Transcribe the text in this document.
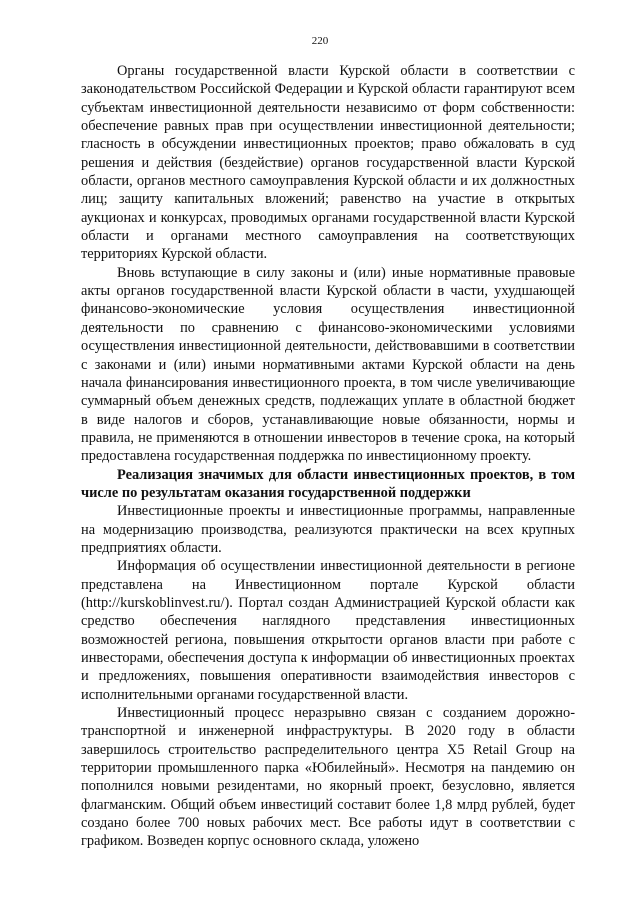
220

Органы государственной власти Курской области в соответствии с законодательством Российской Федерации и Курской области гарантируют всем субъектам инвестиционной деятельности независимо от форм собственности: обеспечение равных прав при осуществлении инвестиционной деятельности; гласность в обсуждении инвестиционных проектов; право обжаловать в суд решения и действия (бездействие) органов государственной власти Курской области, органов местного самоуправления Курской области и их должностных лиц; защиту капитальных вложений; равенство на участие в открытых аукционах и конкурсах, проводимых органами государственной власти Курской области и органами местного самоуправления на соответствующих территориях Курской области.

Вновь вступающие в силу законы и (или) иные нормативные правовые акты органов государственной власти Курской области в части, ухудшающей финансово-экономические условия осуществления инвестиционной деятельности по сравнению с финансово-экономическими условиями осуществления инвестиционной деятельности, действовавшими в соответствии с законами и (или) иными нормативными актами Курской области на день начала финансирования инвестиционного проекта, в том числе увеличивающие суммарный объем денежных средств, подлежащих уплате в областной бюджет в виде налогов и сборов, устанавливающие новые обязанности, нормы и правила, не применяются в отношении инвесторов в течение срока, на который предоставлена государственная поддержка по инвестиционному проекту.

Реализация значимых для области инвестиционных проектов, в том числе по результатам оказания государственной поддержки

Инвестиционные проекты и инвестиционные программы, направленные на модернизацию производства, реализуются практически на всех крупных предприятиях области.

Информация об осуществлении инвестиционной деятельности в регионе представлена на Инвестиционном портале Курской области (http://kurskoblinvest.ru/). Портал создан Администрацией Курской области как средство обеспечения наглядного представления инвестиционных возможностей региона, повышения открытости органов власти при работе с инвесторами, обеспечения доступа к информации об инвестиционных проектах и предложениях, повышения оперативности взаимодействия инвесторов с исполнительными органами государственной власти.

Инвестиционный процесс неразрывно связан с созданием дорожно-транспортной и инженерной инфраструктуры. В 2020 году в области завершилось строительство распределительного центра X5 Retail Group на территории промышленного парка «Юбилейный». Несмотря на пандемию он пополнился новыми резидентами, но якорный проект, безусловно, является флагманским. Общий объем инвестиций составит более 1,8 млрд рублей, будет создано более 700 новых рабочих мест. Все работы идут в соответствии с графиком. Возведен корпус основного склада, уложено
